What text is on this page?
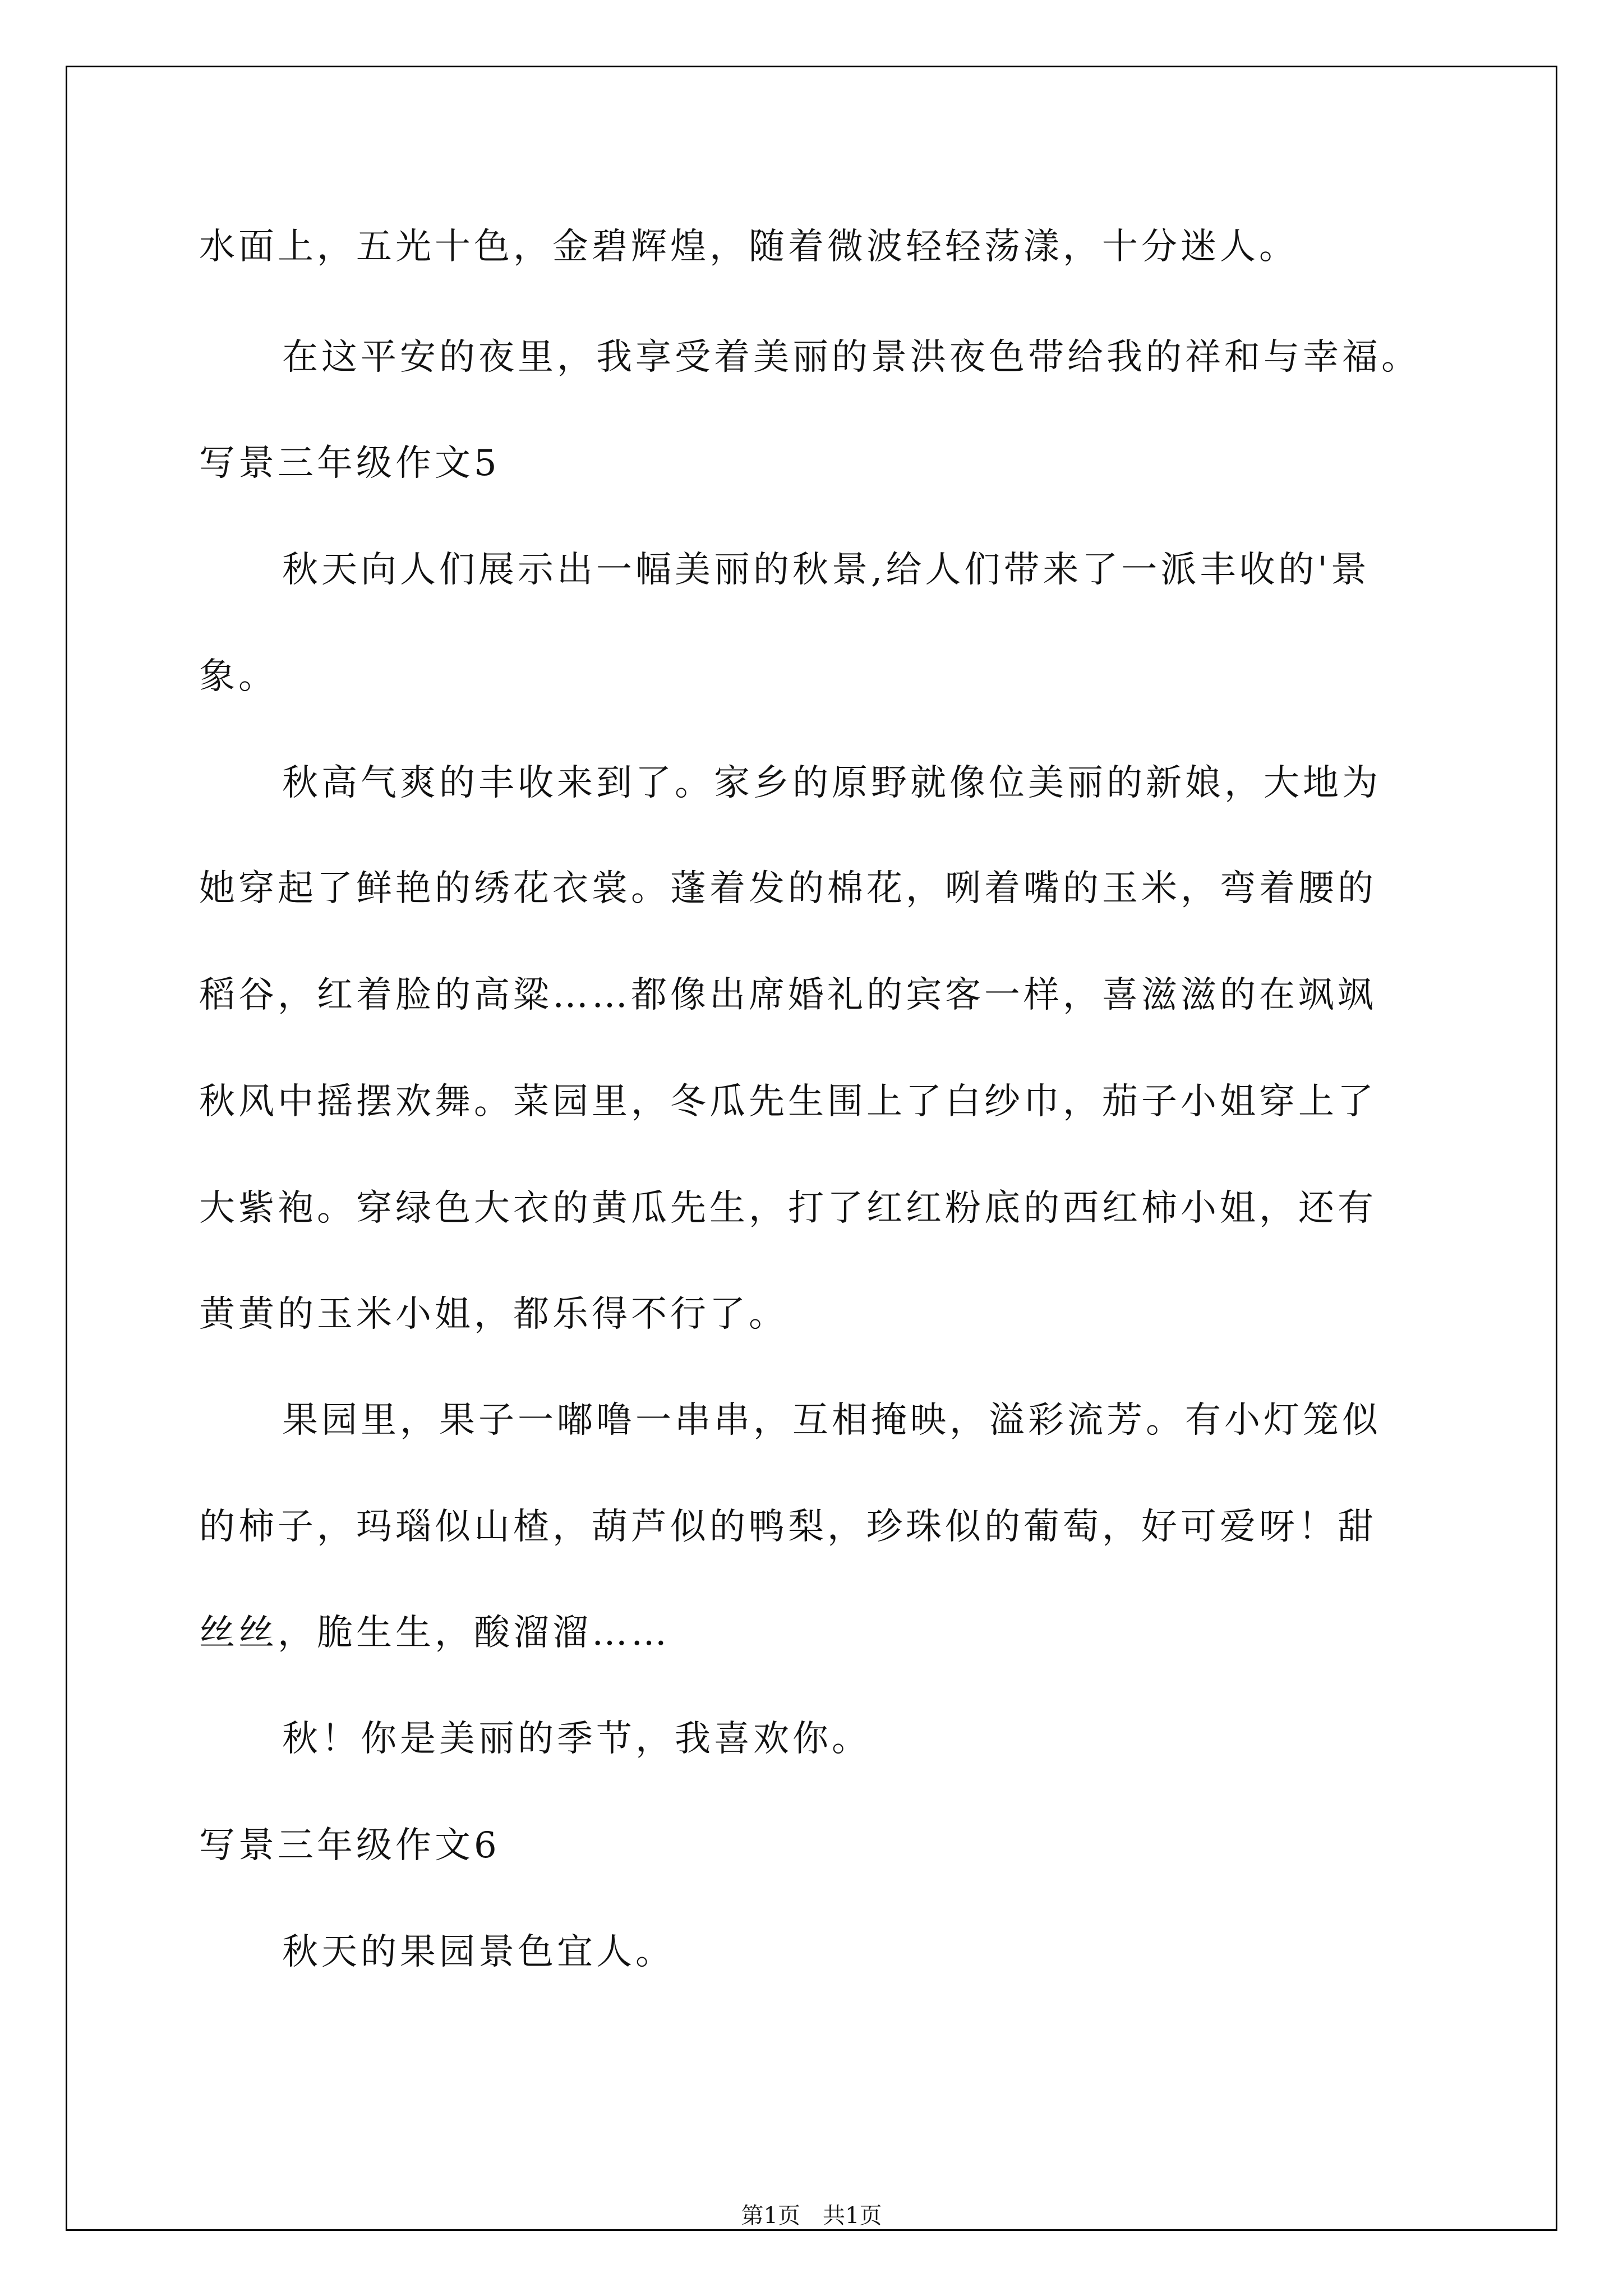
水面上，五光十色，金碧辉煌，随着微波轻轻荡漾，十分迷人。
在这平安的夜里，我享受着美丽的景洪夜色带给我的祥和与幸福。
写景三年级作文5
秋天向人们展示出一幅美丽的秋景,给人们带来了一派丰收的'景
象。
秋高气爽的丰收来到了。家乡的原野就像位美丽的新娘，大地为
她穿起了鲜艳的绣花衣裳。蓬着发的棉花，咧着嘴的玉米，弯着腰的
稻谷，红着脸的高粱……都像出席婚礼的宾客一样，喜滋滋的在飒飒
秋风中摇摆欢舞。菜园里，冬瓜先生围上了白纱巾，茄子小姐穿上了
大紫袍。穿绿色大衣的黄瓜先生，打了红红粉底的西红柿小姐，还有
黄黄的玉米小姐，都乐得不行了。
果园里，果子一嘟噜一串串，互相掩映，溢彩流芳。有小灯笼似
的柿子，玛瑙似山楂，葫芦似的鸭梨，珍珠似的葡萄，好可爱呀！甜
丝丝，脆生生，酸溜溜……
秋！你是美丽的季节，我喜欢你。
写景三年级作文6
秋天的果园景色宜人。
第1页　共1页
